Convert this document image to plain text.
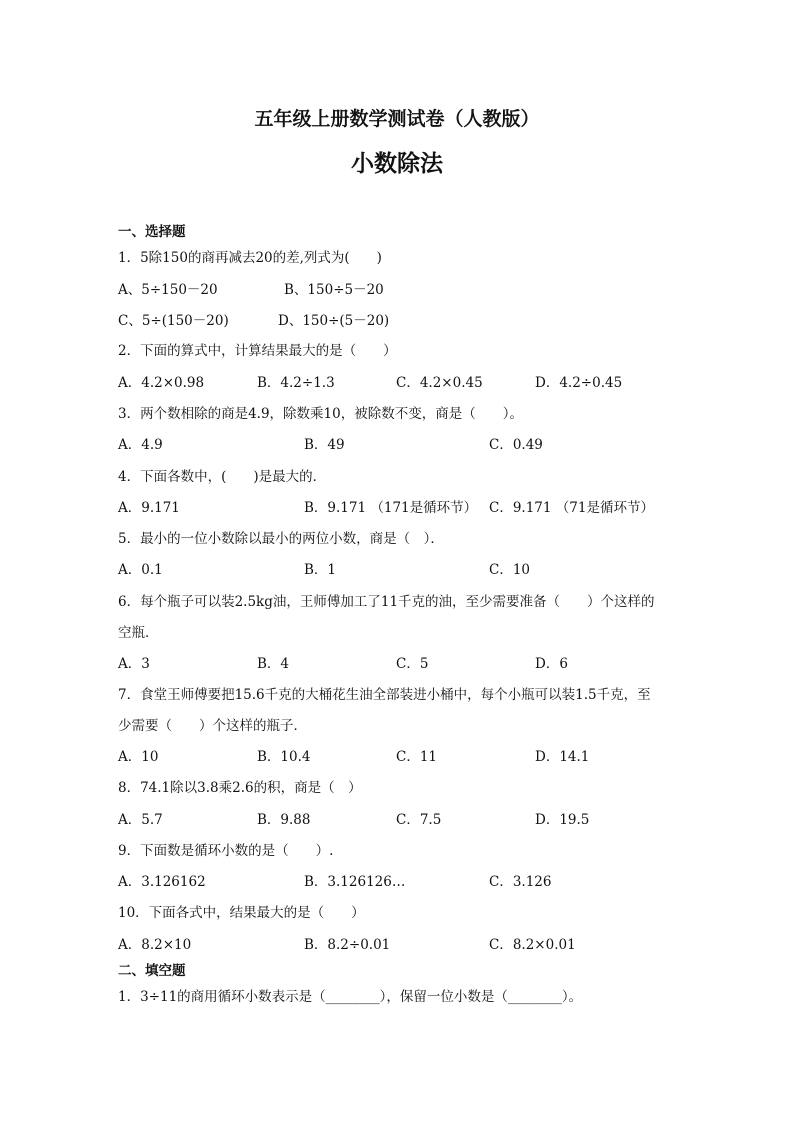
五年级上册数学测试卷（人教版）
小数除法
一、选择题
1．5除150的商再减去20的差,列式为(　　)
A、5÷150－20	B、150÷5－20
C、5÷(150－20)	D、150÷(5－20)
2．下面的算式中，计算结果最大的是（　　）
A．4.2×0.98	B．4.2÷1.3	C．4.2×0.45	D．4.2÷0.45
3．两个数相除的商是4.9，除数乘10，被除数不变，商是（　　）。
A．4.9	B．49	C．0.49
4．下面各数中，(　　)是最大的．
A．9.171	B．9.171 （171是循环节） C．9.171 （71是循环节）
5．最小的一位小数除以最小的两位小数，商是（　）．
A．0.1	B．1	C．10
6．每个瓶子可以装2.5kg油，王师傅加工了11千克的油，至少需要准备（　　）个这样的
空瓶．
A．3	B．4	C．5	D．6
7．食堂王师傅要把15.6千克的大桶花生油全部装进小桶中，每个小瓶可以装1.5千克，至
少需要（　　）个这样的瓶子．
A．10	B．10.4	C．11	D．14.1
8．74.1除以3.8乘2.6的积，商是（　）
A．5.7	B．9.88	C．7.5	D．19.5
9．下面数是循环小数的是（　　）.
A．3.126162	B．3.126126…	C．3.126
10．下面各式中，结果最大的是（　　）
A．8.2×10	B．8.2÷0.01	C．8.2×0.01
二、填空题
1．3÷11的商用循环小数表示是（________），保留一位小数是（________）。
